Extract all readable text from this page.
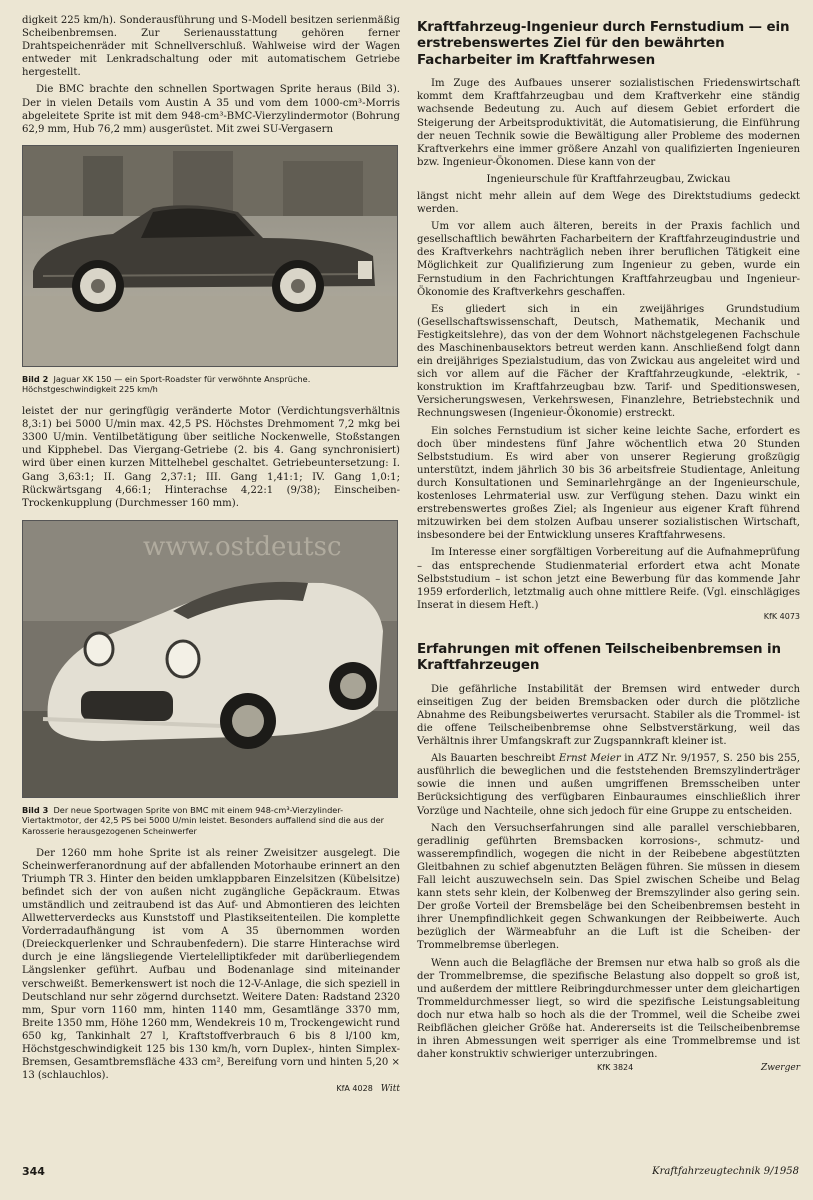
digkeit 225 km/h). Sonderausführung und S-Modell besitzen serienmäßig Scheibenbremsen. Zur Serienausstattung gehören ferner Drahtspeichenräder mit Schnellverschluß. Wahlweise wird der Wagen entweder mit Lenkradschaltung oder mit automatischem Getriebe hergestellt.

Die BMC brachte den schnellen Sportwagen Sprite heraus (Bild 3). Der in vielen Details vom Austin A 35 und vom dem 1000-cm³-Morris abgeleitete Sprite ist mit dem 948-cm³-BMC-Vierzylindermotor (Bohrung 62,9 mm, Hub 76,2 mm) ausgerüstet. Mit zwei SU-Vergasern

Bild 2 Jaguar XK 150 — ein Sport-Roadster für verwöhnte Ansprüche. Höchstgeschwindigkeit 225 km/h

leistet der nur geringfügig veränderte Motor (Verdichtungsverhältnis 8,3:1) bei 5000 U/min max. 42,5 PS. Höchstes Drehmoment 7,2 mkg bei 3300 U/min. Ventilbetätigung über seitliche Nockenwelle, Stoßstangen und Kipphebel. Das Viergang-Getriebe (2. bis 4. Gang synchronisiert) wird über einen kurzen Mittelhebel geschaltet. Getriebeuntersetzung: I. Gang 3,63:1; II. Gang 2,37:1; III. Gang 1,41:1; IV. Gang 1,0:1; Rückwärtsgang 4,66:1; Hinterachse 4,22:1 (9/38); Einscheiben-Trockenkupplung (Durchmesser 160 mm).

www.ostdeutsc

Bild 3 Der neue Sportwagen Sprite von BMC mit einem 948-cm³-Vierzylinder-Viertaktmotor, der 42,5 PS bei 5000 U/min leistet. Besonders auffallend sind die aus der Karosserie herausgezogenen Scheinwerfer

Der 1260 mm hohe Sprite ist als reiner Zweisitzer ausgelegt. Die Scheinwerferanordnung auf der abfallenden Motorhaube erinnert an den Triumph TR 3. Hinter den beiden umklappbaren Einzelsitzen (Kübelsitze) befindet sich der von außen nicht zugängliche Gepäckraum. Etwas umständlich und zeitraubend ist das Auf- und Abmontieren des leichten Allwetterverdecks aus Kunststoff und Plastikseitenteilen. Die komplette Vorderradaufhängung ist vom A 35 übernommen worden (Dreieckquerlenker und Schraubenfedern). Die starre Hinterachse wird durch je eine längsliegende Viertelelliptikfeder mit darüberliegendem Längslenker geführt. Aufbau und Bodenanlage sind miteinander verschweißt. Bemerkenswert ist noch die 12-V-Anlage, die sich speziell in Deutschland nur sehr zögernd durchsetzt. Weitere Daten: Radstand 2320 mm, Spur vorn 1160 mm, hinten 1140 mm, Gesamtlänge 3370 mm, Breite 1350 mm, Höhe 1260 mm, Wendekreis 10 m, Trockengewicht rund 650 kg, Tankinhalt 27 l, Kraftstoffverbrauch 6 bis 8 l/100 km, Höchstgeschwindigkeit 125 bis 130 km/h, vorn Duplex-, hinten Simplex-Bremsen, Gesamtbremsfläche 433 cm², Bereifung vorn und hinten 5,20 × 13 (schlauchlos).

KfA 4028 Witt
Kraftfahrzeug-Ingenieur durch Fernstudium — ein erstrebenswertes Ziel für den bewährten Facharbeiter im Kraftfahrwesen

Im Zuge des Aufbaues unserer sozialistischen Friedenswirtschaft kommt dem Kraftfahrzeugbau und dem Kraftverkehr eine ständig wachsende Bedeutung zu. Auch auf diesem Gebiet erfordert die Steigerung der Arbeitsproduktivität, die Automatisierung, die Einführung der neuen Technik sowie die Bewältigung aller Probleme des modernen Kraftverkehrs eine immer größere Anzahl von qualifizierten Ingenieuren bzw. Ingenieur-Ökonomen. Diese kann von der

Ingenieurschule für Kraftfahrzeugbau, Zwickau

längst nicht mehr allein auf dem Wege des Direktstudiums gedeckt werden.

Um vor allem auch älteren, bereits in der Praxis fachlich und gesellschaftlich bewährten Facharbeitern der Kraftfahrzeugindustrie und des Kraftverkehrs nachträglich neben ihrer beruflichen Tätigkeit eine Möglichkeit zur Qualifizierung zum Ingenieur zu geben, wurde ein Fernstudium in den Fachrichtungen Kraftfahrzeugbau und Ingenieur-Ökonomie des Kraftverkehrs geschaffen.

Es gliedert sich in ein zweijähriges Grundstudium (Gesellschaftswissenschaft, Deutsch, Mathematik, Mechanik und Festigkeitslehre), das von der dem Wohnort nächstgelegenen Fachschule des Maschinenbausektors betreut werden kann. Anschließend folgt dann ein dreijähriges Spezialstudium, das von Zwickau aus angeleitet wird und sich vor allem auf die Fächer der Kraftfahrzeugkunde, -elektrik, -konstruktion im Kraftfahrzeugbau bzw. Tarif- und Speditionswesen, Versicherungswesen, Verkehrswesen, Finanzlehre, Betriebstechnik und Rechnungswesen (Ingenieur-Ökonomie) erstreckt.

Ein solches Fernstudium ist sicher keine leichte Sache, erfordert es doch über mindestens fünf Jahre wöchentlich etwa 20 Stunden Selbststudium. Es wird aber von unserer Regierung großzügig unterstützt, indem jährlich 30 bis 36 arbeitsfreie Studientage, Anleitung durch Konsultationen und Seminarlehrgänge an der Ingenieurschule, kostenloses Lehrmaterial usw. zur Verfügung stehen. Dazu winkt ein erstrebenswertes großes Ziel; als Ingenieur aus eigener Kraft führend mitzuwirken bei dem stolzen Aufbau unserer sozialistischen Wirtschaft, insbesondere bei der Entwicklung unseres Kraftfahrwesens.

Im Interesse einer sorgfältigen Vorbereitung auf die Aufnahmeprüfung – das entsprechende Studienmaterial erfordert etwa acht Monate Selbststudium – ist schon jetzt eine Bewerbung für das kommende Jahr 1959 erforderlich, letztmalig auch ohne mittlere Reife. (Vgl. einschlägiges Inserat in diesem Heft.)

KfK 4073
Erfahrungen mit offenen Teilscheibenbremsen in Kraftfahrzeugen

Die gefährliche Instabilität der Bremsen wird entweder durch einseitigen Zug der beiden Bremsbacken oder durch die plötzliche Abnahme des Reibungsbeiwertes verursacht. Stabiler als die Trommel- ist die offene Teilscheibenbremse ohne Selbstverstärkung, weil das Verhältnis ihrer Umfangskraft zur Zugspannkraft kleiner ist.

Als Bauarten beschreibt Ernst Meier in ATZ Nr. 9/1957, S. 250 bis 255, ausführlich die beweglichen und die feststehenden Bremszylinderträger sowie die innen und außen umgriffenen Bremsscheiben unter Berücksichtigung des verfügbaren Einbauraumes einschließlich ihrer Vorzüge und Nachteile, ohne sich jedoch für eine Gruppe zu entscheiden.

Nach den Versuchserfahrungen sind alle parallel verschiebbaren, geradlinig geführten Bremsbacken korrosions-, schmutz- und wasserempfindlich, wogegen die nicht in der Reibebene abgestützten Gleitbahnen zu schief abgenutzten Belägen führen. Sie müssen in diesem Fall leicht auszuwechseln sein. Das Spiel zwischen Scheibe und Belag kann stets sehr klein, der Kolbenweg der Bremszylinder also gering sein. Der große Vorteil der Bremsbeläge bei den Scheibenbremsen besteht in ihrer Unempfindlichkeit gegen Schwankungen der Reibbeiwerte. Auch bezüglich der Wärmeabfuhr an die Luft ist die Scheiben- der Trommelbremse überlegen.

Wenn auch die Belagfläche der Bremsen nur etwa halb so groß als die der Trommelbremse, die spezifische Belastung also doppelt so groß ist, und außerdem der mittlere Reibringdurchmesser unter dem gleichartigen Trommeldurchmesser liegt, so wird die spezifische Leistungsableitung doch nur etwa halb so hoch als die der Trommel, weil die Scheibe zwei Reibflächen gleicher Größe hat. Andererseits ist die Teilscheibenbremse in ihren Abmessungen weit sperriger als eine Trommelbremse und ist daher konstruktiv schwieriger unterzubringen.

KfK 3824	Zwerger
344	Kraftfahrzeugtechnik 9/1958
